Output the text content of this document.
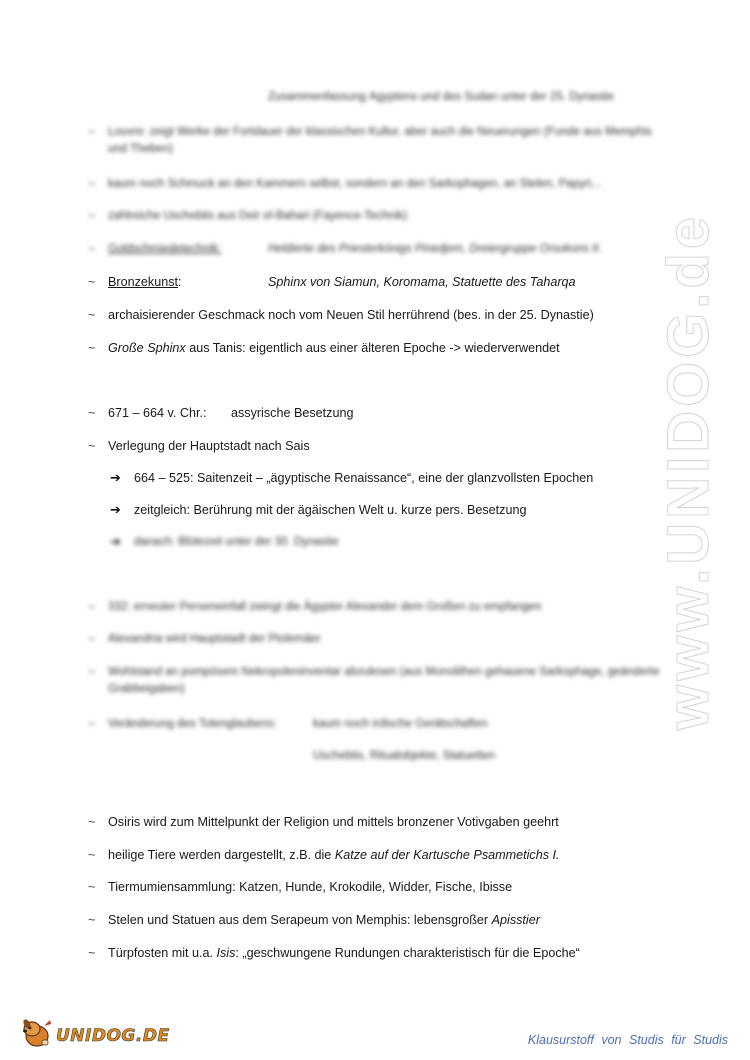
Zusammenfassung Ägyptens und des Sudan unter der 25. Dynastie
~	Louvre: zeigt Werke der Fortdauer der klassischen Kultur, aber auch die Neuerungen (Funde aus Memphis und Theben)
~	kaum noch Schmuck an den Kammern selbst, sondern an den Sarkophagen, an Stelen, Papyri...
~	zahlreiche Uschebtis aus Deir el-Bahari (Fayence-Technik)
~	Goldschmiedetechnik:	Heldierte des Priesterkönigs Pinedjem, Dreiergruppe Orsokons II.
~	Bronzekunst:	Sphinx von Siamun, Koromama, Statuette des Taharqa
~	archaisierender Geschmack noch vom Neuen Stil herrührend (bes. in der 25. Dynastie)
~	Große Sphinx aus Tanis: eigentlich aus einer älteren Epoche -> wiederverwendet
~	671 – 664 v. Chr.:       assyrische Besetzung
~	Verlegung der Hauptstadt nach Sais
➔ 664 – 525: Saitenzeit – „ägyptische Renaissance“, eine der glanzvollsten Epochen
➔ zeitgleich: Berührung mit der ägäischen Welt u. kurze pers. Besetzung
➔ danach: Blütezeit unter der 30. Dynastie
~	332: erneuter Perseneinfall zwingt die Ägypter Alexander dem Großen zu empfangen
~	Alexandria wird Hauptstadt der Ptolemäer
~	Wohlstand an pompösem Nekropoleninventar abzulesen (aus Monolithen gehauene Sarkophage, geänderte Grabbeigaben)
~	Veränderung des Totenglaubens:	kaum noch irdische Gerätschaften
Uschebtis, Ritualobjekte, Statuetten
~	Osiris wird zum Mittelpunkt der Religion und mittels bronzener Votivgaben geehrt
~	heilige Tiere werden dargestellt, z.B. die Katze auf der Kartusche Psammetichs I.
~	Tiermumiensammlung: Katzen, Hunde, Krokodile, Widder, Fische, Ibisse
~	Stelen und Statuen aus dem Serapeum von Memphis: lebensgroßer Apisstier
~	Türpfosten mit u.a. Isis: „geschwungene Rundungen charakteristisch für die Epoche“
www.UNIDOG.de
UNIDOG.DE	Klausurstoff von Studis für Studis
